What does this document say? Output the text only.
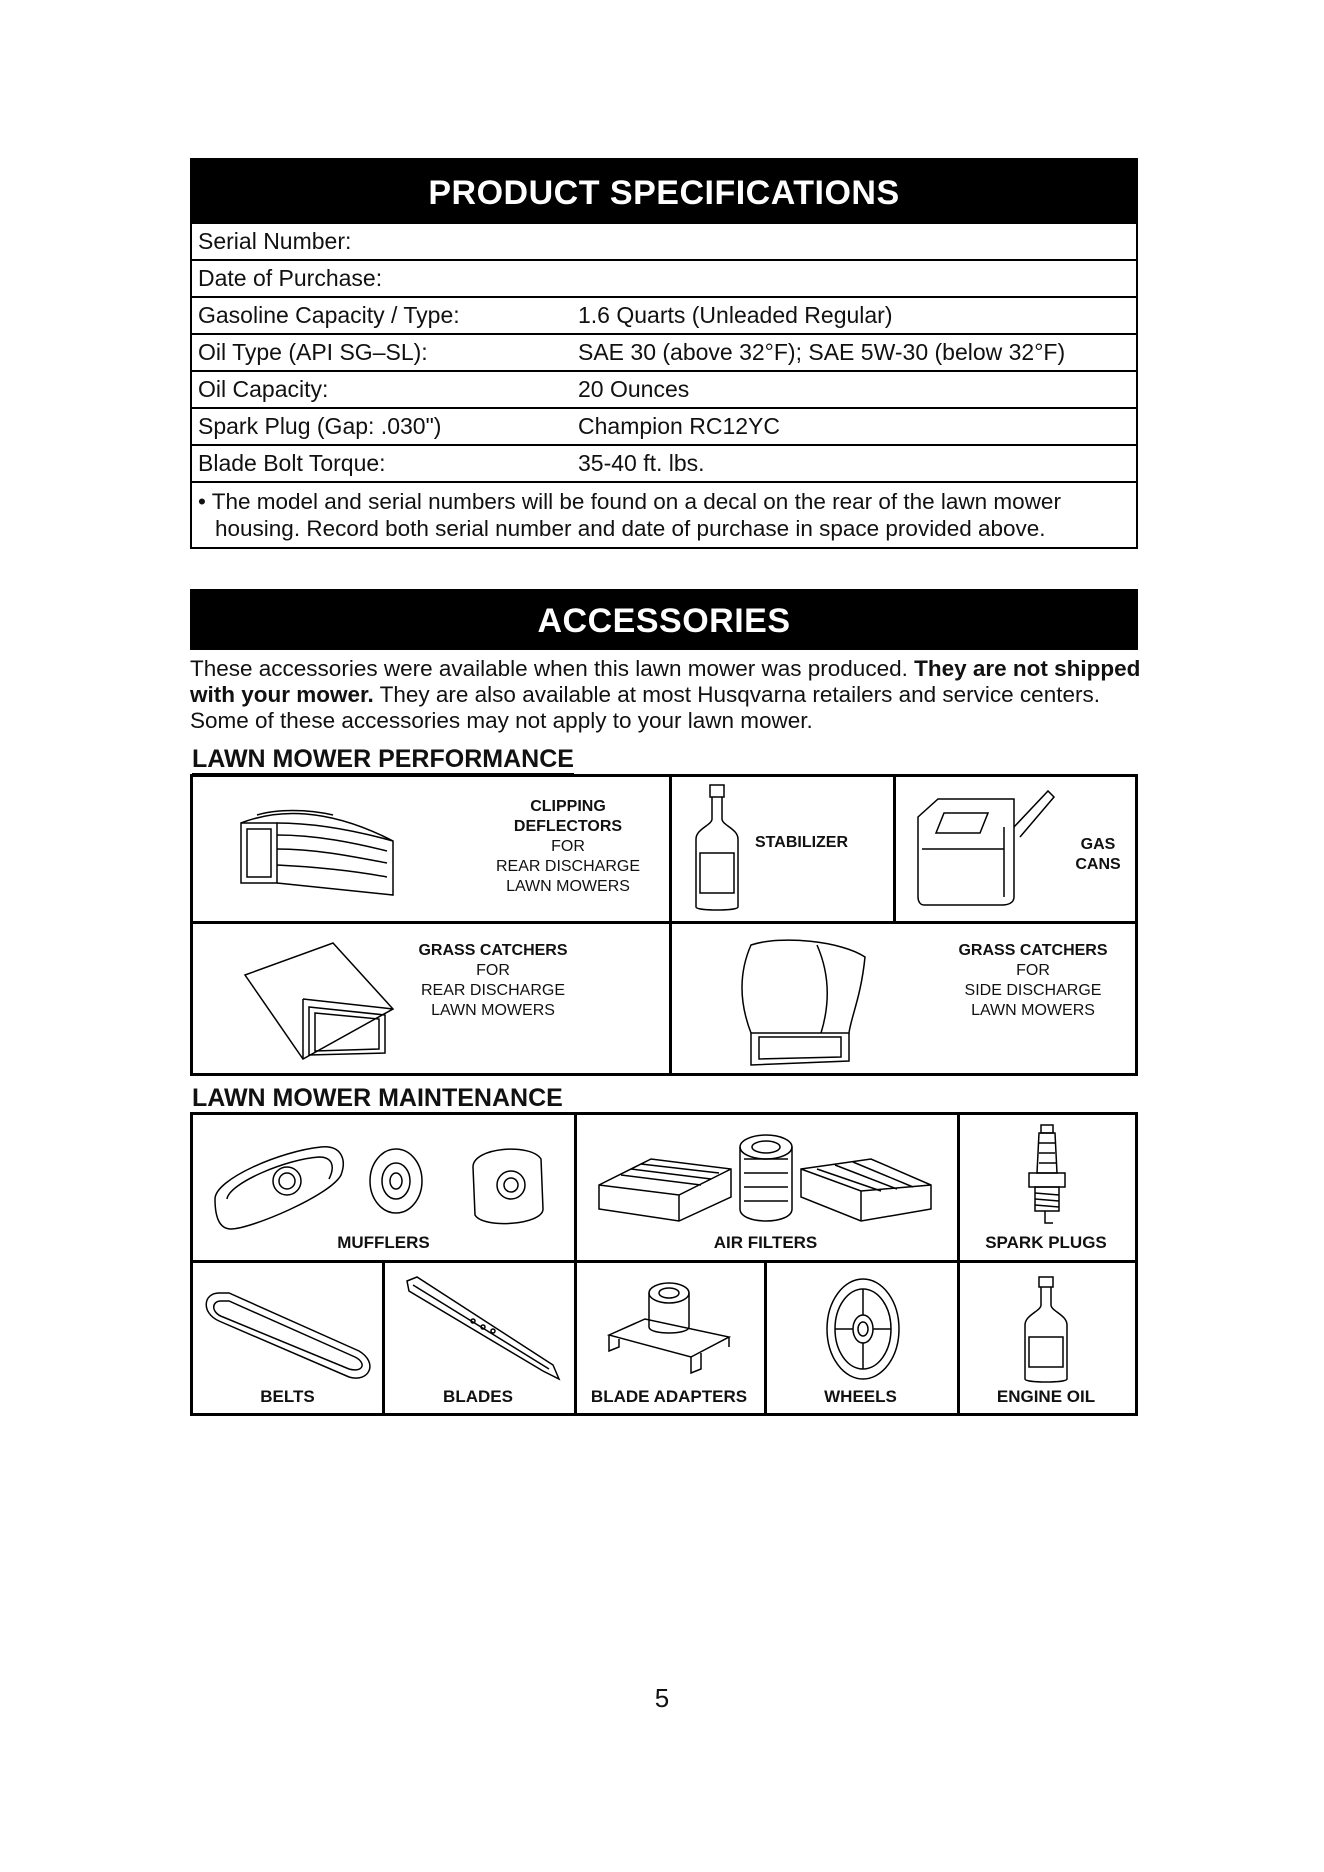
PRODUCT SPECIFICATIONS
Serial Number:
Date of Purchase:
Gasoline Capacity / Type:	1.6 Quarts (Unleaded Regular)
Oil Type (API SG–SL):	SAE 30 (above 32°F); SAE 5W-30 (below 32°F)
Oil Capacity:	20 Ounces
Spark Plug (Gap: .030")	Champion RC12YC
Blade Bolt Torque:	35-40 ft. lbs.
• The model and serial numbers will be found on a decal on the rear of the lawn mower
housing. Record both serial number and date of purchase in space provided above.
ACCESSORIES
These accessories were available when this lawn mower was produced. They are not shipped with your mower. They are also available at most Husqvarna retailers and service centers. Some of these accessories may not apply to your lawn mower.
LAWN MOWER PERFORMANCE
CLIPPING
DEFLECTORS
FOR
REAR DISCHARGE
LAWN MOWERS
STABILIZER	GAS
CANS
GRASS CATCHERS
FOR
REAR DISCHARGE
LAWN MOWERS
GRASS CATCHERS
FOR
SIDE DISCHARGE
LAWN MOWERS
LAWN MOWER MAINTENANCE
MUFFLERS	AIR FILTERS	SPARK PLUGS
BELTS	BLADES	BLADE ADAPTERS	WHEELS	ENGINE OIL
5
